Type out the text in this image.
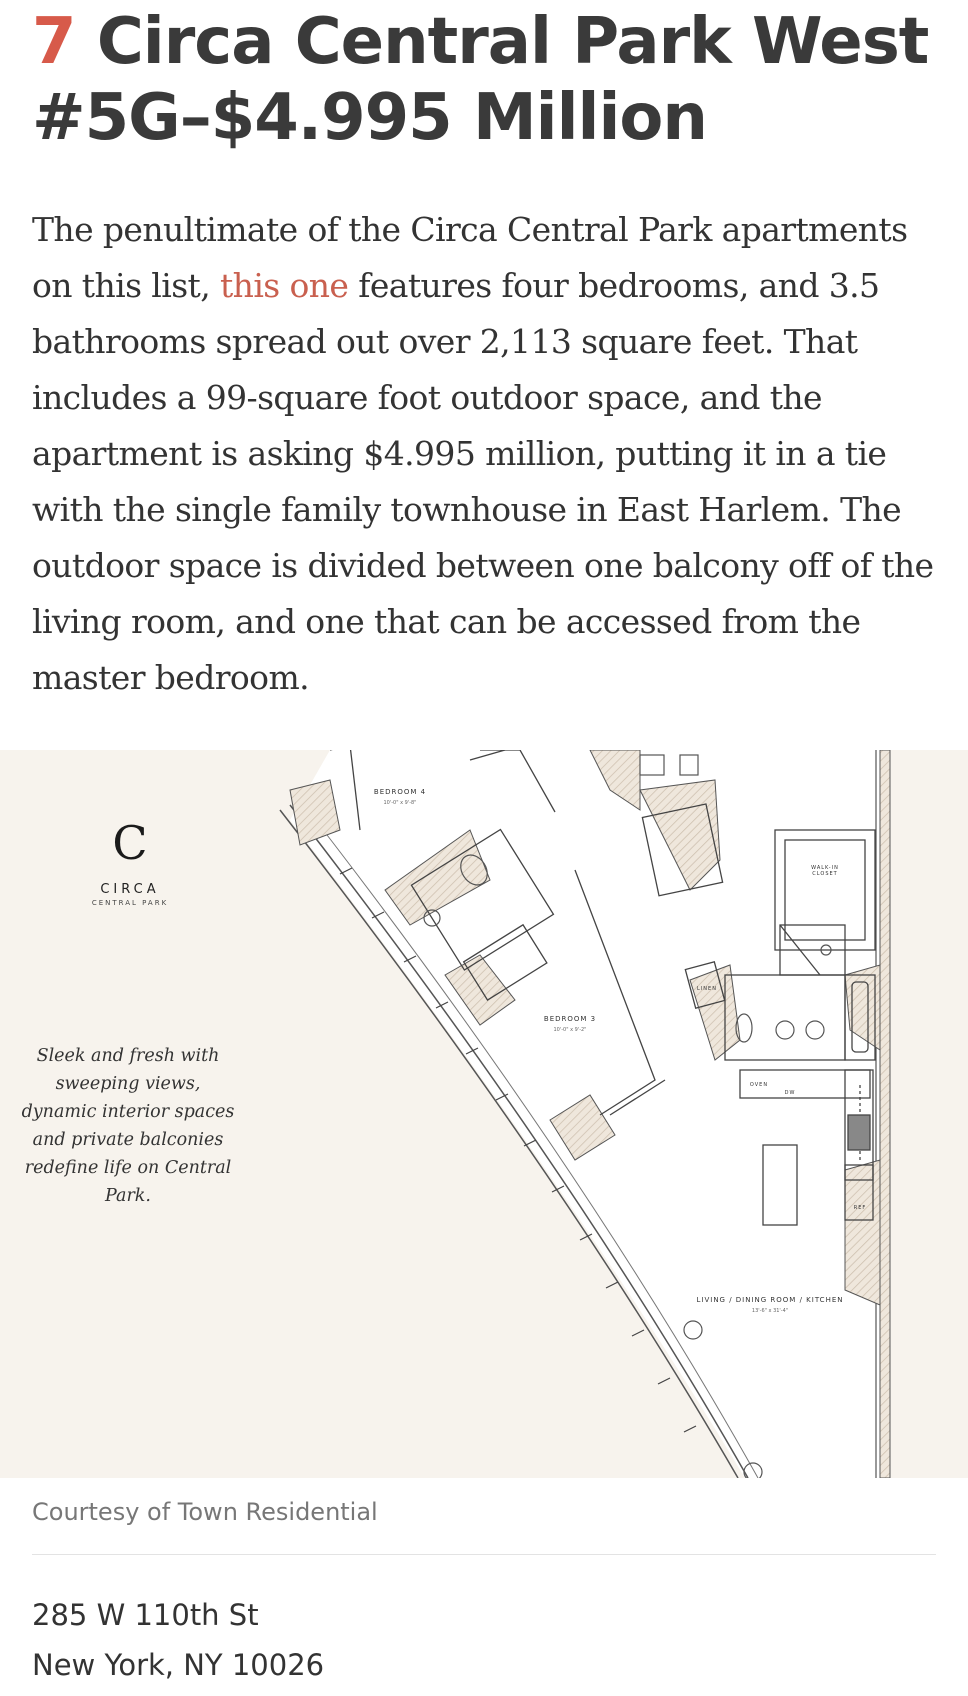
7 Circa Central Park West #5G–$4.995 Million

The penultimate of the Circa Central Park apartments on this list, this one features four bedrooms, and 3.5 bathrooms spread out over 2,113 square feet. That includes a 99-square foot outdoor space, and the apartment is asking $4.995 million, putting it in a tie with the single family townhouse in East Harlem. The outdoor space is divided between one balcony off of the living room, and one that can be accessed from the master bedroom.

C
CIRCA
CENTRAL PARK
Sleek and fresh with sweeping views, dynamic interior spaces and private balconies redefine life on Central Park.
BEDROOM 4
10'-0" x 9'-8"
BEDROOM 3
10'-0" x 9'-2"
WALK-IN CLOSET
LINEN
OVEN
DW
REF
LIVING / DINING ROOM / KITCHEN
13'-6" x 31'-4"
Courtesy of Town Residential
285 W 110th St
New York, NY 10026
